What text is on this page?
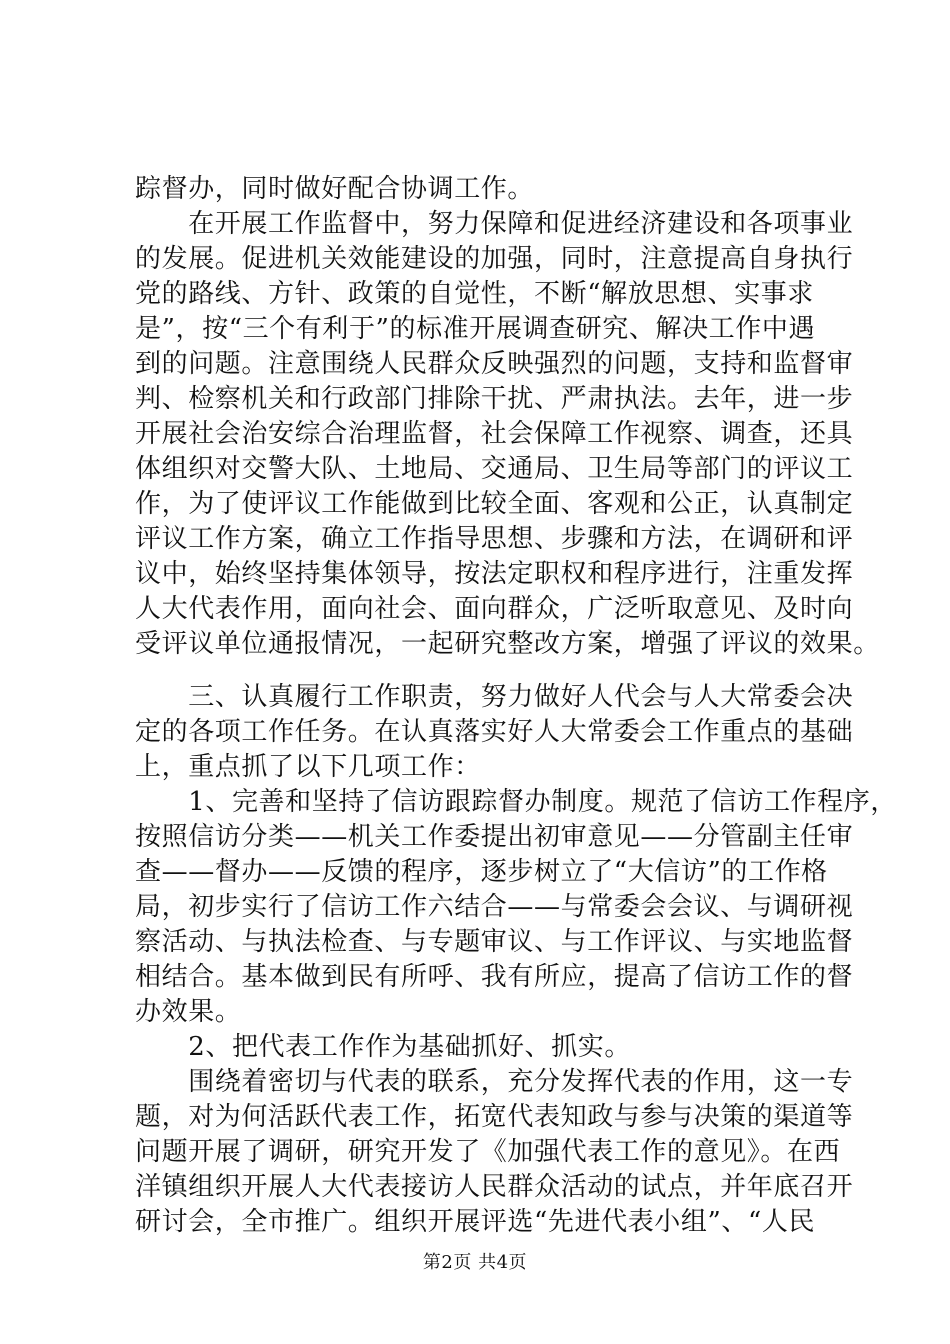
踪督办，同时做好配合协调工作。
　　在开展工作监督中，努力保障和促进经济建设和各项事业
的发展。促进机关效能建设的加强，同时，注意提高自身执行
党的路线、方针、政策的自觉性，不断“解放思想、实事求
是”，按“三个有利于”的标准开展调查研究、解决工作中遇
到的问题。注意围绕人民群众反映强烈的问题，支持和监督审
判、检察机关和行政部门排除干扰、严肃执法。去年，进一步
开展社会治安综合治理监督，社会保障工作视察、调查，还具
体组织对交警大队、土地局、交通局、卫生局等部门的评议工
作，为了使评议工作能做到比较全面、客观和公正，认真制定
评议工作方案，确立工作指导思想、步骤和方法，在调研和评
议中，始终坚持集体领导，按法定职权和程序进行，注重发挥
人大代表作用，面向社会、面向群众，广泛听取意见、及时向
受评议单位通报情况，一起研究整改方案，增强了评议的效果。
　　三、认真履行工作职责，努力做好人代会与人大常委会决
定的各项工作任务。在认真落实好人大常委会工作重点的基础
上，重点抓了以下几项工作：
　　1、完善和坚持了信访跟踪督办制度。规范了信访工作程序，
按照信访分类——机关工作委提出初审意见——分管副主任审
查——督办——反馈的程序，逐步树立了“大信访”的工作格
局，初步实行了信访工作六结合——与常委会会议、与调研视
察活动、与执法检查、与专题审议、与工作评议、与实地监督
相结合。基本做到民有所呼、我有所应，提高了信访工作的督
办效果。
　　2、把代表工作作为基础抓好、抓实。
　　围绕着密切与代表的联系，充分发挥代表的作用，这一专
题，对为何活跃代表工作，拓宽代表知政与参与决策的渠道等
问题开展了调研，研究开发了《加强代表工作的意见》。在西
洋镇组织开展人大代表接访人民群众活动的试点，并年底召开
研讨会，全市推广。组织开展评选“先进代表小组”、“人民
第2页 共4页
